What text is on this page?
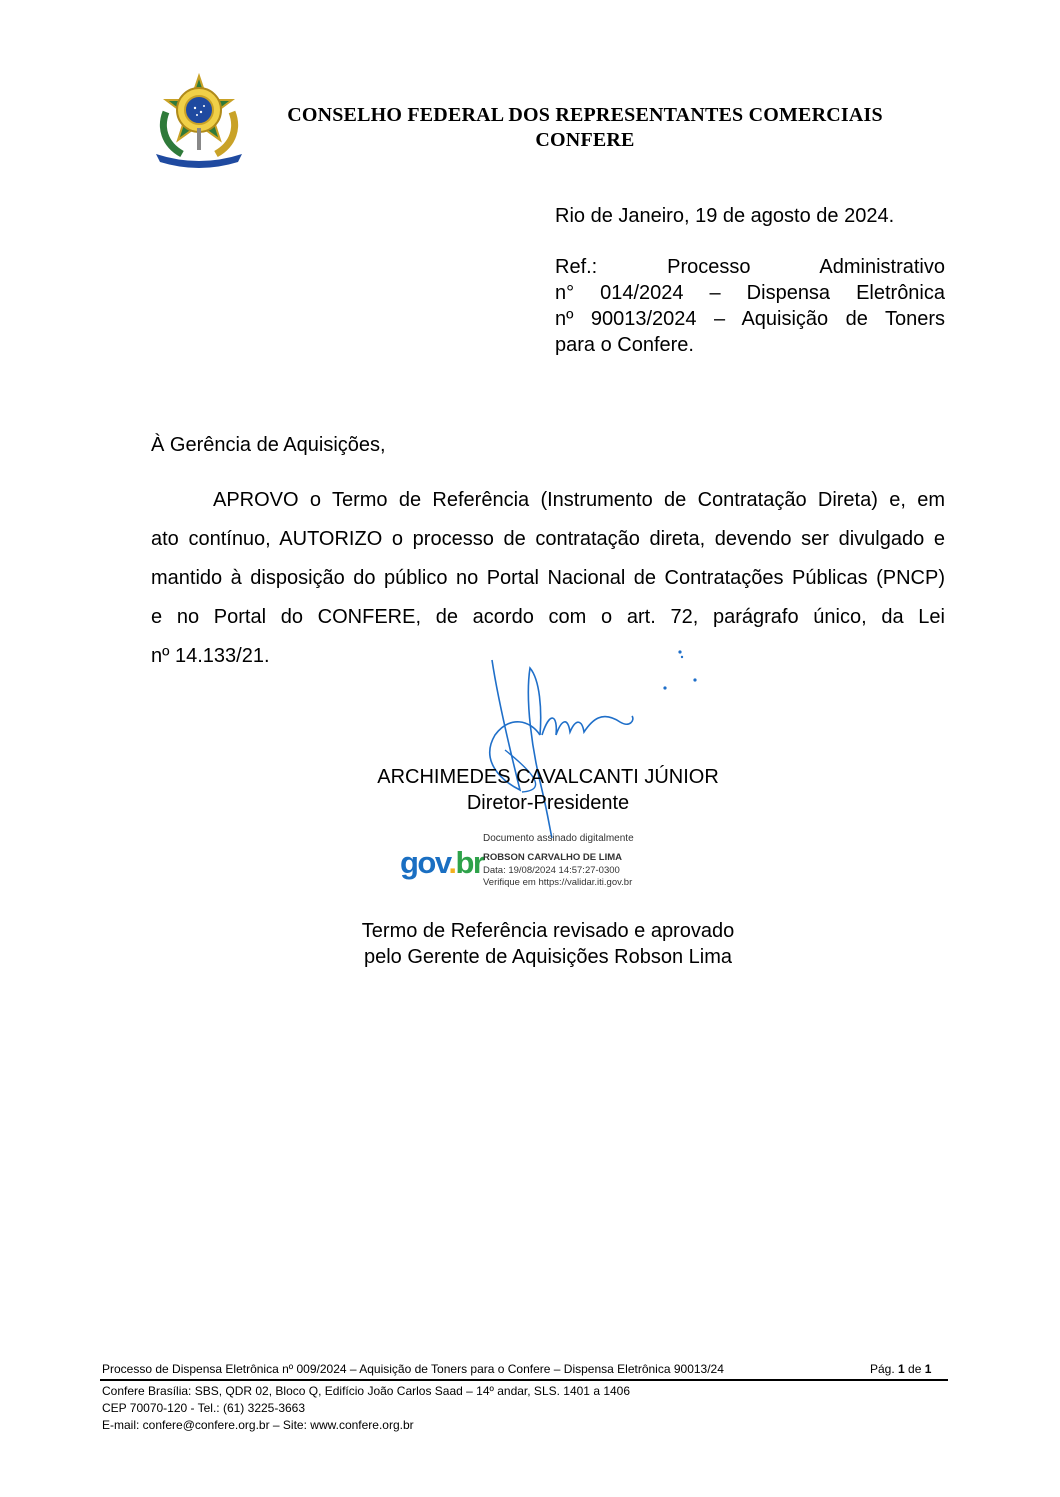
CONSELHO FEDERAL DOS REPRESENTANTES COMERCIAIS
CONFERE
Rio de Janeiro, 19 de agosto de 2024.
Ref.: Processo Administrativo
n° 014/2024 – Dispensa Eletrônica
nº 90013/2024 – Aquisição de Toners
para o Confere.
À Gerência de Aquisições,
APROVO o Termo de Referência (Instrumento de Contratação Direta) e, em
ato contínuo, AUTORIZO o processo de contratação direta, devendo ser divulgado e
mantido à disposição do público no Portal Nacional de Contratações Públicas (PNCP)
e no Portal do CONFERE, de acordo com o art. 72, parágrafo único, da Lei
nº 14.133/21.
ARCHIMEDES CAVALCANTI JÚNIOR
Diretor-Presidente
gov.br
Documento assinado digitalmente
ROBSON CARVALHO DE LIMA
Data: 19/08/2024 14:57:27-0300
Verifique em https://validar.iti.gov.br
Termo de Referência revisado e aprovado
pelo Gerente de Aquisições Robson Lima
Processo de Dispensa Eletrônica nº 009/2024 – Aquisição de Toners para o Confere – Dispensa Eletrônica 90013/24	Pág. 1 de 1
Confere Brasília: SBS, QDR 02, Bloco Q, Edifício João Carlos Saad – 14º andar, SLS. 1401 a 1406
CEP 70070-120 - Tel.: (61) 3225-3663
E-mail: confere@confere.org.br – Site: www.confere.org.br
